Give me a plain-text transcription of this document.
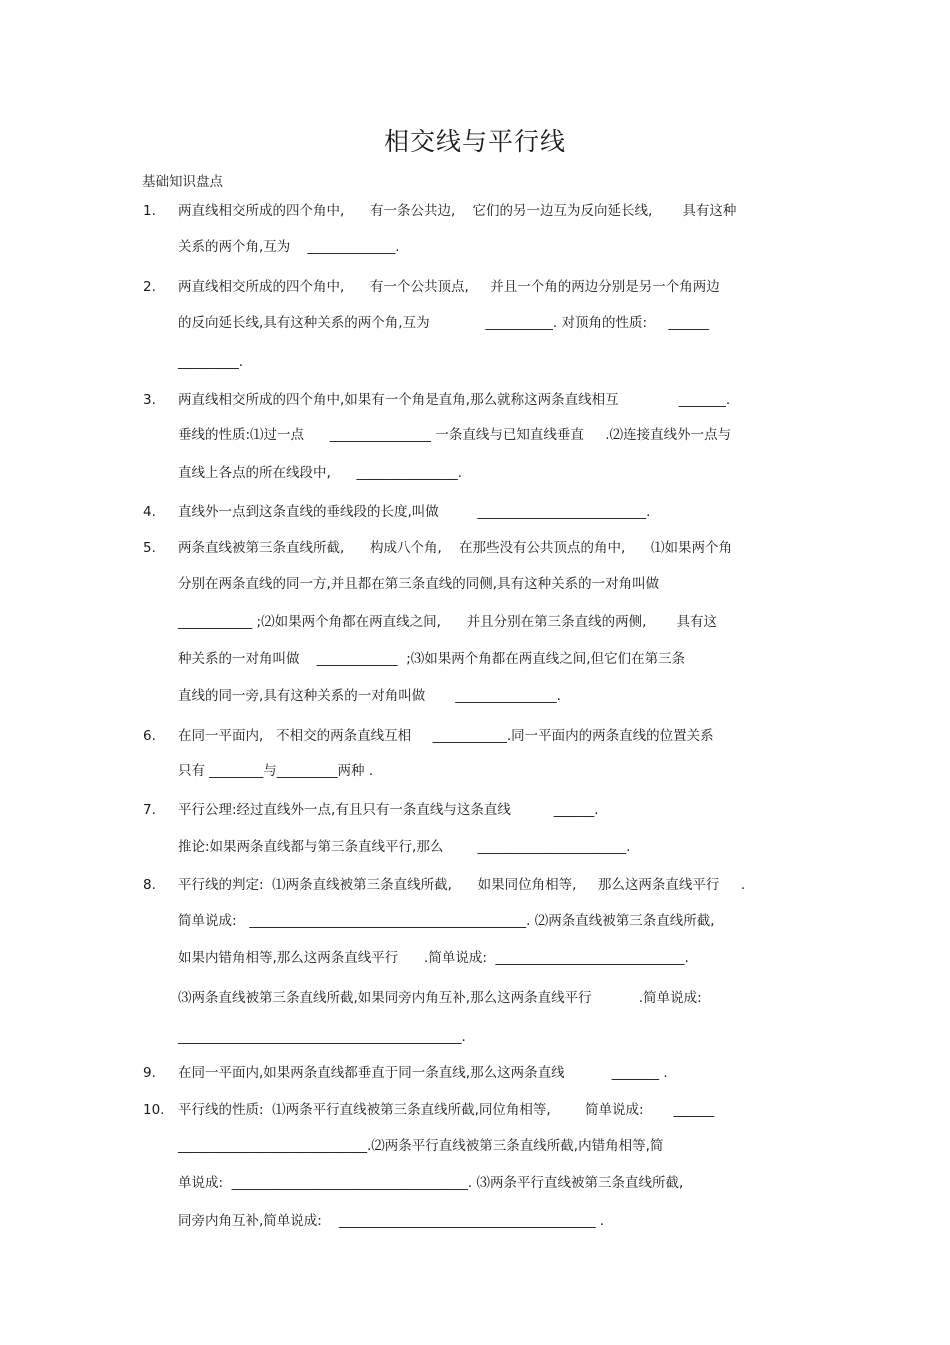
相交线与平行线
基础知识盘点
1. 两直线相交所成的四个角中,      有一条公共边,    它们的另一边互为反向延长线,       具有这种
关系的两个角,互为    _____________.
2. 两直线相交所成的四个角中,      有一个公共顶点,     并且一个角的两边分别是另一个角两边
的反向延长线,具有这种关系的两个角,互为             __________. 对顶角的性质:     ______
_________.
3. 两直线相交所成的四个角中,如果有一个角是直角,那么就称这两条直线相互              _______.
垂线的性质:⑴过一点      _______________ 一条直线与已知直线垂直     .⑵连接直线外一点与
直线上各点的所在线段中,      _______________.
4. 直线外一点到这条直线的垂线段的长度,叫做         _________________________.
5. 两条直线被第三条直线所截,      构成八个角,    在那些没有公共顶点的角中,      ⑴如果两个角
分别在两条直线的同一方,并且都在第三条直线的同侧,具有这种关系的一对角叫做
___________ ;⑵如果两个角都在两直线之间,      并且分别在第三条直线的两侧,       具有这
种关系的一对角叫做    ____________  ;⑶如果两个角都在两直线之间,但它们在第三条
直线的同一旁,具有这种关系的一对角叫做       _______________.
6. 在同一平面内,   不相交的两条直线互相     ___________.同一平面内的两条直线的位置关系
只有 ________与_________两种 .
7. 平行公理:经过直线外一点,有且只有一条直线与这条直线          ______.
推论:如果两条直线都与第三条直线平行,那么        ______________________.
8. 平行线的判定:  ⑴两条直线被第三条直线所截,      如果同位角相等,     那么这两条直线平行     .
简单说成:   _________________________________________. ⑵两条直线被第三条直线所截,
如果内错角相等,那么这两条直线平行      .简单说成:  ____________________________.
⑶两条直线被第三条直线所截,如果同旁内角互补,那么这两条直线平行           .简单说成:
__________________________________________.
9. 在同一平面内,如果两条直线都垂直于同一条直线,那么这两条直线           _______ .
10. 平行线的性质:  ⑴两条平行直线被第三条直线所截,同位角相等,        简单说成:       ______
____________________________.⑵两条平行直线被第三条直线所截,内错角相等,简
单说成:  ___________________________________. ⑶两条平行直线被第三条直线所截,
同旁内角互补,简单说成:    ______________________________________ .
